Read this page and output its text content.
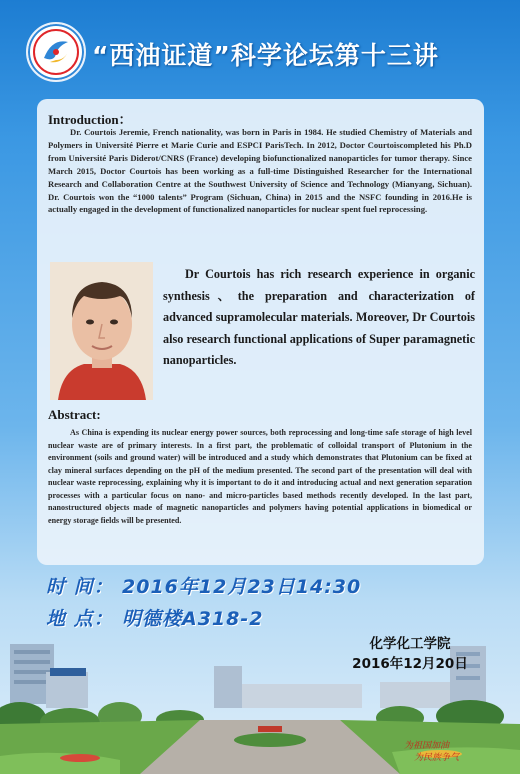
“西油证道”科学论坛第十三讲
Introduction：
Dr. Courtois Jeremie, French nationality, was born in Paris in 1984. He studied Chemistry of Materials and Polymers in Université Pierre et Marie Curie and ESPCI ParisTech. In 2012, Doctor Courtoiscompleted his Ph.D from Université Paris Diderot/CNRS (France) developing biofunctionalized nanoparticles for tumor therapy. Since March 2015, Doctor Courtois has been working as a full-time Distinguished Researcher for the International Research and Collaboration Centre at the Southwest University of Science and Technology (Mianyang, Sichuan). Dr. Courtois won the “1000 talents” Program (Sichuan, China) in 2015 and the NSFC founding in 2016.He is actually engaged in the development of functionalized nanoparticles for nuclear spent fuel reprocessing.
Dr Courtois has rich research experience in organic synthesis、the preparation and characterization of advanced supramolecular materials. Moreover, Dr Courtois also research functional applications of Super paramagnetic nanoparticles.
Abstract:
As China is expending its nuclear energy power sources, both reprocessing and long-time safe storage of high level nuclear waste are of primary interests. In a first part, the problematic of colloidal transport of Plutonium in the environment (soils and ground water) will be introduced and a study which demonstrates that Plutonium can be fixed at clay mineral surfaces depending on the pH of the medium presented. The second part of the presentation will deal with nuclear waste reprocessing, explaining why it is important to do it and introducing actual and next generation separation processes with a particular focus on nano- and micro-particles based methods recently developed. In the last part, nanostructured objects made of magnetic nanoparticles and polymers having potential applications in biomedical or energy storage fields will be presented.
时 间： 2016年12月23日14:30
地 点： 明德楼A318-2
化学化工学院
2016年12月20日
为祖国加油
为民族争气
